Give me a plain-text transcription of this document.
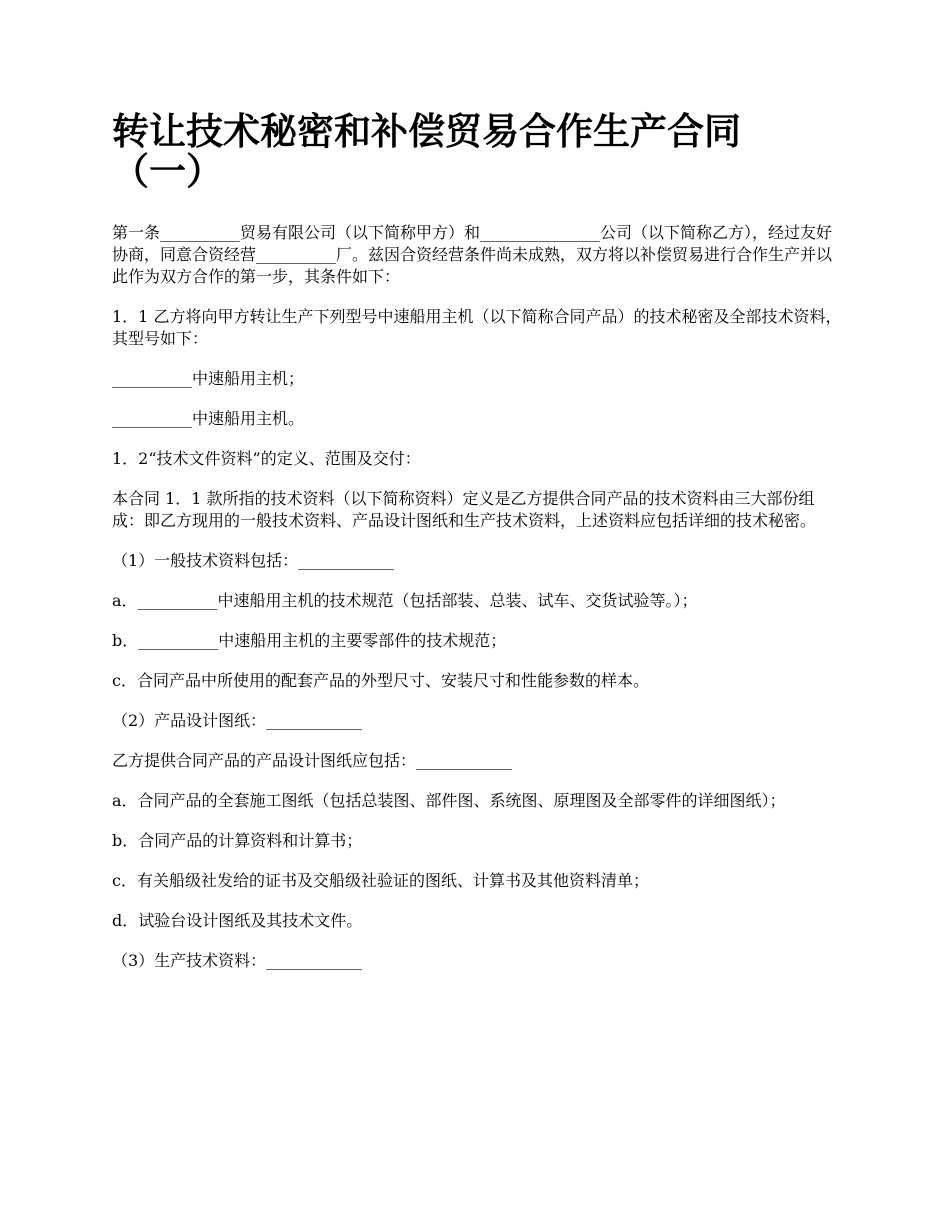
转让技术秘密和补偿贸易合作生产合同（一）

第一条__________贸易有限公司（以下简称甲方）和_______________公司（以下简称乙方），经过友好协商，同意合资经营__________厂。兹因合资经营条件尚未成熟，双方将以补偿贸易进行合作生产并以此作为双方合作的第一步，其条件如下：

1．1 乙方将向甲方转让生产下列型号中速船用主机（以下简称合同产品）的技术秘密及全部技术资料，其型号如下：

__________中速船用主机；

__________中速船用主机。

1．2“技术文件资料”的定义、范围及交付：

本合同 1．1 款所指的技术资料（以下简称资料）定义是乙方提供合同产品的技术资料由三大部份组成：即乙方现用的一般技术资料、产品设计图纸和生产技术资料，上述资料应包括详细的技术秘密。

（1）一般技术资料包括：____________

a．__________中速船用主机的技术规范（包括部装、总装、试车、交货试验等。）；

b．__________中速船用主机的主要零部件的技术规范；

c．合同产品中所使用的配套产品的外型尺寸、安装尺寸和性能参数的样本。

（2）产品设计图纸：____________

乙方提供合同产品的产品设计图纸应包括：____________

a．合同产品的全套施工图纸（包括总装图、部件图、系统图、原理图及全部零件的详细图纸）；

b．合同产品的计算资料和计算书；

c．有关船级社发给的证书及交船级社验证的图纸、计算书及其他资料清单；

d．试验台设计图纸及其技术文件。

（3）生产技术资料：____________
